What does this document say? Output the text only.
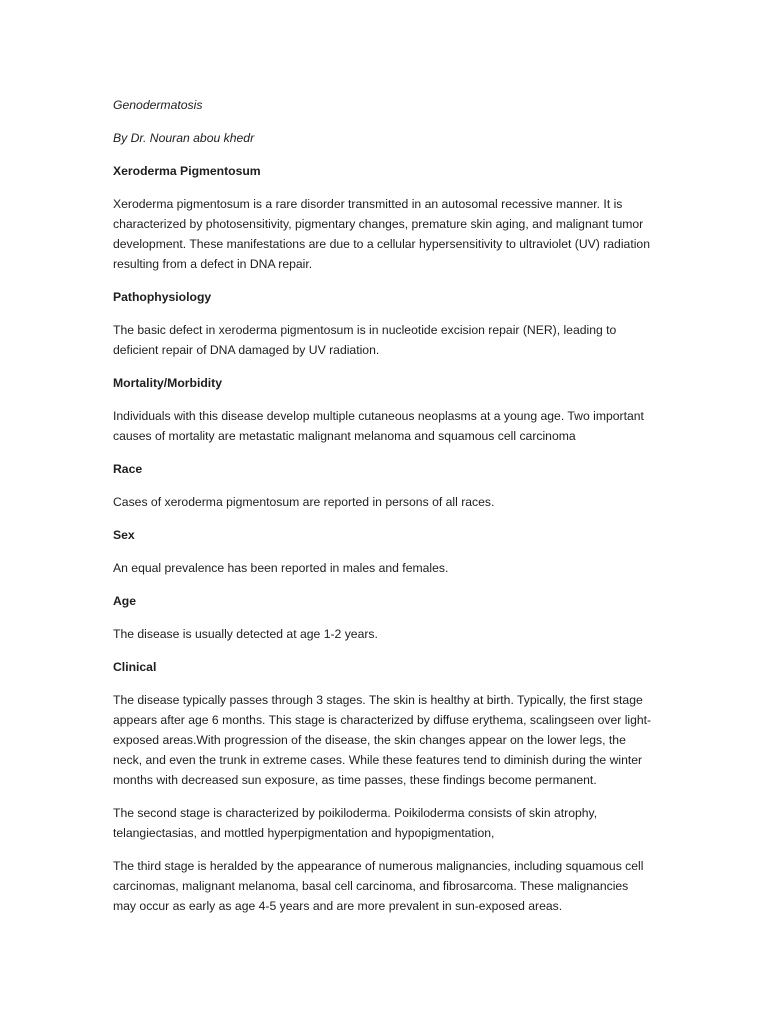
Genodermatosis

By Dr. Nouran abou khedr

Xeroderma Pigmentosum

Xeroderma pigmentosum is a rare disorder transmitted in an autosomal recessive manner. It is characterized by photosensitivity, pigmentary changes, premature skin aging, and malignant tumor development. These manifestations are due to a cellular hypersensitivity to ultraviolet (UV) radiation resulting from a defect in DNA repair.

Pathophysiology

The basic defect in xeroderma pigmentosum is in nucleotide excision repair (NER), leading to deficient repair of DNA damaged by UV radiation.

Mortality/Morbidity

Individuals with this disease develop multiple cutaneous neoplasms at a young age. Two important causes of mortality are metastatic malignant melanoma and squamous cell carcinoma

Race

Cases of xeroderma pigmentosum are reported in persons of all races.

Sex

An equal prevalence has been reported in males and females.

Age

The disease is usually detected at age 1-2 years.

Clinical

The disease typically passes through 3 stages. The skin is healthy at birth. Typically, the first stage appears after age 6 months. This stage is characterized by diffuse erythema, scalingseen over light-exposed areas.With progression of the disease, the skin changes appear on the lower legs, the neck, and even the trunk in extreme cases. While these features tend to diminish during the winter months with decreased sun exposure, as time passes, these findings become permanent.

The second stage is characterized by poikiloderma. Poikiloderma consists of skin atrophy, telangiectasias, and mottled hyperpigmentation and hypopigmentation,

The third stage is heralded by the appearance of numerous malignancies, including squamous cell carcinomas, malignant melanoma, basal cell carcinoma, and fibrosarcoma. These malignancies may occur as early as age 4-5 years and are more prevalent in sun-exposed areas.
